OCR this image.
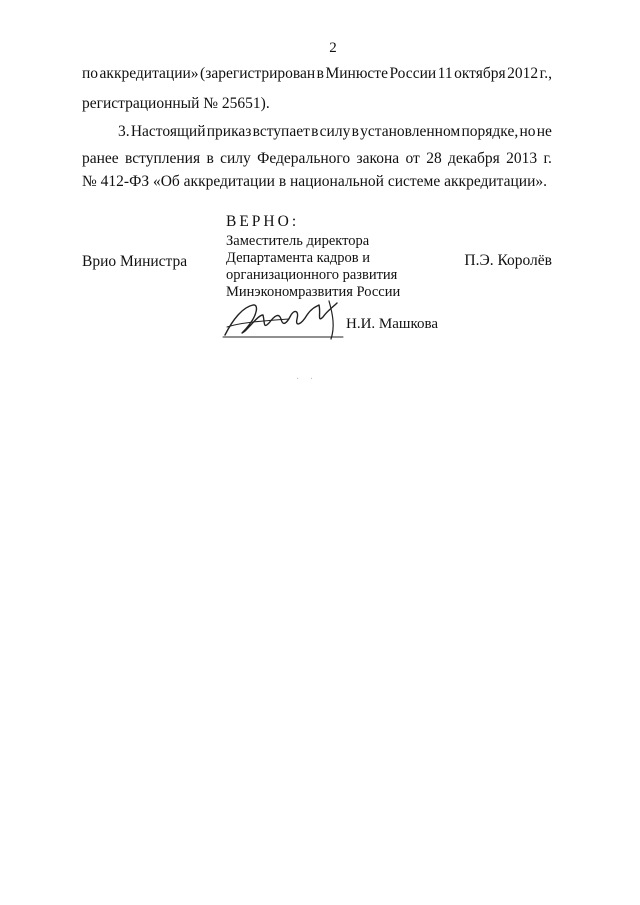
2
по аккредитации» (зарегистрирован в Минюсте России 11 октября 2012 г.,
регистрационный № 25651).
3. Настоящий приказ вступает в силу в установленном порядке, но не
ранее вступления в силу Федерального закона от 28 декабря 2013 г.
№ 412-ФЗ «Об аккредитации в национальной системе аккредитации».
ВЕРНО:
Заместитель директора
Департамента кадров и
организационного развития
Минэкономразвития России
Врио Министра	П.Э. Королёв
Н.И. Машкова
· ·
